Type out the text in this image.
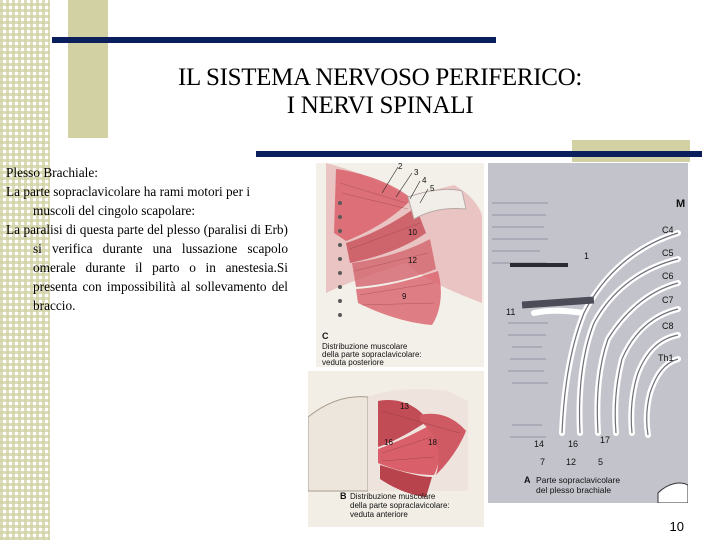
IL SISTEMA NERVOSO PERIFERICO:
I NERVI SPINALI

Plesso Brachiale:

La parte sopraclavicolare ha rami motori per i muscoli del cingolo scapolare:

La paralisi di questa parte del plesso (paralisi di Erb) si verifica durante una lussazione scapolo omerale durante il parto o in anestesia.Si presenta con impossibilità al sollevamento del braccio.

2
3
4
5
10
12
9
C
Distribuzione muscolare
della parte sopraclavicolare:
veduta posteriore
13
16	18
B Distribuzione muscolare
della parte sopraclavicolare:
veduta anteriore
M
C4
C5
C6
C7
C8
Th1
1
11
14	16 17
7 12 5
A Parte sopraclavicolare
del plesso brachiale
10
